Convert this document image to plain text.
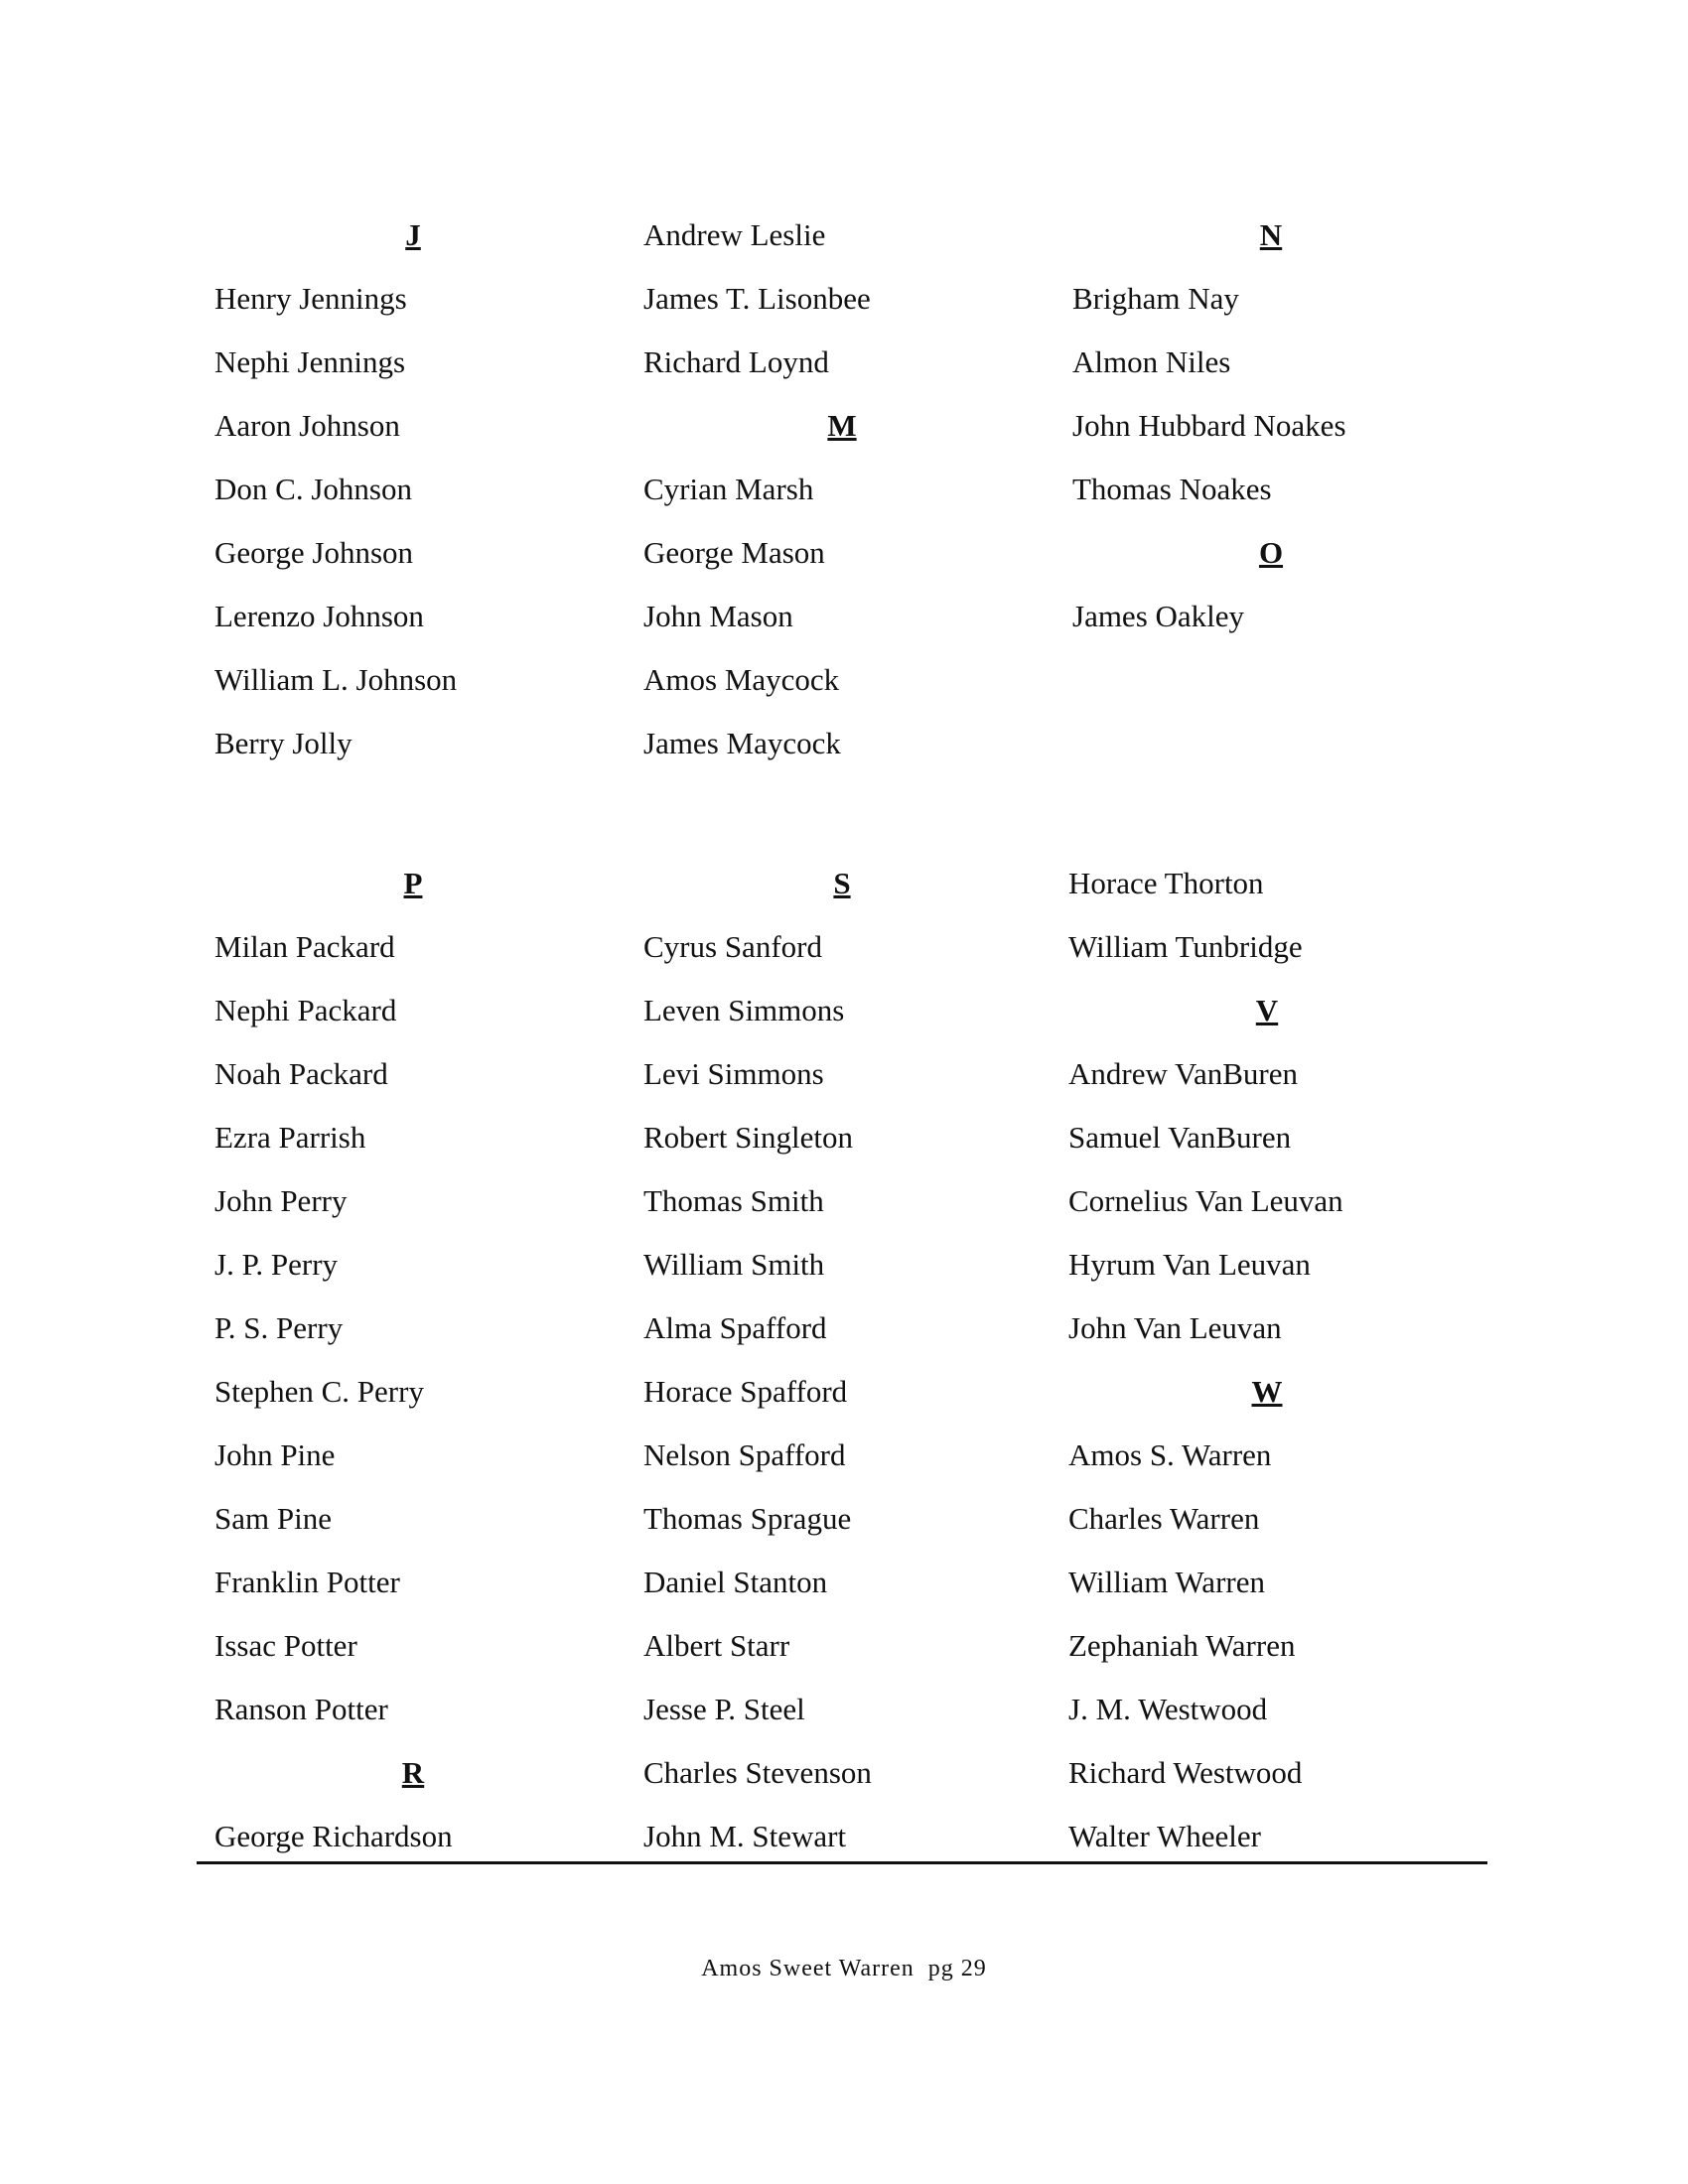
J
Henry Jennings
Nephi Jennings
Aaron Johnson
Don C. Johnson
George Johnson
Lerenzo Johnson
William L. Johnson
Berry Jolly
Andrew Leslie
James T. Lisonbee
Richard Loynd
M
Cyrian Marsh
George Mason
John Mason
Amos Maycock
James Maycock
N
Brigham Nay
Almon Niles
John Hubbard Noakes
Thomas Noakes
O
James Oakley
P
Milan Packard
Nephi Packard
Noah Packard
Ezra Parrish
John Perry
J. P. Perry
P. S. Perry
Stephen C. Perry
John Pine
Sam Pine
Franklin Potter
Issac Potter
Ranson Potter
R
George Richardson
S
Cyrus Sanford
Leven Simmons
Levi Simmons
Robert Singleton
Thomas Smith
William Smith
Alma Spafford
Horace Spafford
Nelson Spafford
Thomas Sprague
Daniel Stanton
Albert Starr
Jesse P. Steel
Charles Stevenson
John M. Stewart
Horace Thorton
William Tunbridge
V
Andrew VanBuren
Samuel VanBuren
Cornelius Van Leuvan
Hyrum Van Leuvan
John Van Leuvan
W
Amos S. Warren
Charles Warren
William Warren
Zephaniah Warren
J. M. Westwood
Richard Westwood
Walter Wheeler
Amos Sweet Warren  pg 29
